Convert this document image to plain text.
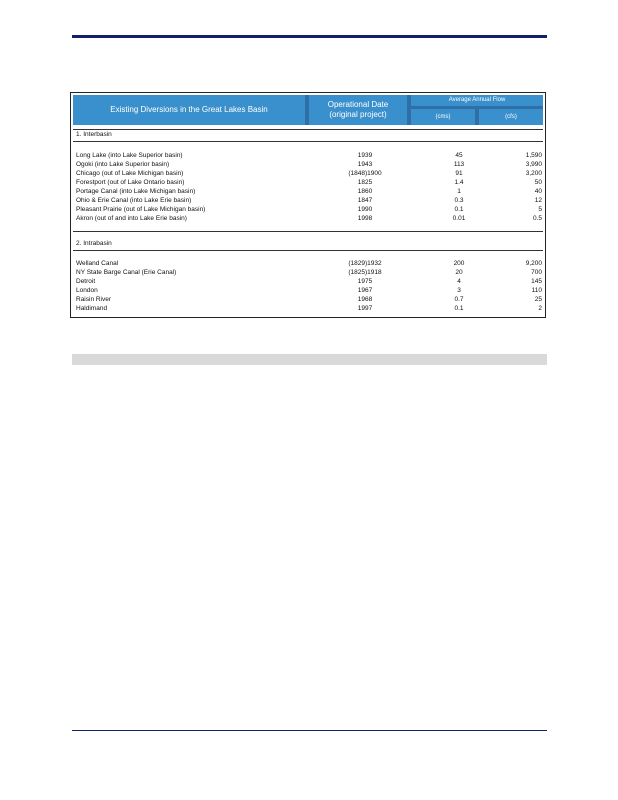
Existing Diversions in the Great Lakes Basin
Operational Date
(original project)
Average Annual Flow
(cms)	(cfs)
1. Interbasin
Long Lake (into Lake Superior basin)	1939	45	1,590
Ogoki (into Lake Superior basin)	1943	113	3,990
Chicago (out of Lake Michigan basin)	(1848)1900	91	3,200
Forestport (out of Lake Ontario basin)	1825	1.4	50
Portage Canal (into Lake Michigan basin)	1860	1	40
Ohio & Erie Canal (into Lake Erie basin)	1847	0.3	12
Pleasant Prairie (out of Lake Michigan basin)	1990	0.1	5
Akron (out of and into Lake Erie basin)	1998	0.01	0.5
2. Intrabasin
Welland Canal	(1829)1932	200	9,200
NY State Barge Canal (Erie Canal)	(1825)1918	20	700
Detroit	1975	4	145
London	1967	3	110
Raisin River	1968	0.7	25
Haldimand	1997	0.1	2
